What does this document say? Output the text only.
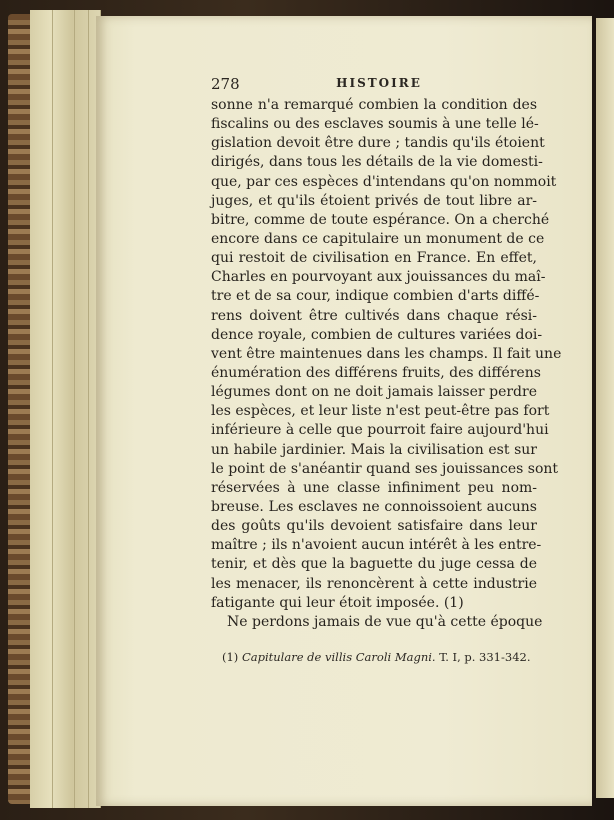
278	HISTOIRE
sonne n'a remarqué combien la condition des
fiscalins ou des esclaves soumis à une telle lé-
gislation devoit être dure ; tandis qu'ils étoient
dirigés, dans tous les détails de la vie domesti-
que, par ces espèces d'intendans qu'on nommoit
juges, et qu'ils étoient privés de tout libre ar-
bitre, comme de toute espérance. On a cherché
encore dans ce capitulaire un monument de ce
qui restoit de civilisation en France. En effet,
Charles en pourvoyant aux jouissances du maî-
tre et de sa cour, indique combien d'arts diffé-
rens doivent être cultivés dans chaque rési-
dence royale, combien de cultures variées doi-
vent être maintenues dans les champs. Il fait une
énumération des différens fruits, des différens
légumes dont on ne doit jamais laisser perdre
les espèces, et leur liste n'est peut-être pas fort
inférieure à celle que pourroit faire aujourd'hui
un habile jardinier. Mais la civilisation est sur
le point de s'anéantir quand ses jouissances sont
réservées à une classe infiniment peu nom-
breuse. Les esclaves ne connoissoient aucuns
des goûts qu'ils devoient satisfaire dans leur
maître ; ils n'avoient aucun intérêt à les entre-
tenir, et dès que la baguette du juge cessa de
les menacer, ils renoncèrent à cette industrie
fatigante qui leur étoit imposée. (1)
Ne perdons jamais de vue qu'à cette époque
(1) Capitulare de villis Caroli Magni. T. I, p. 331-342.
